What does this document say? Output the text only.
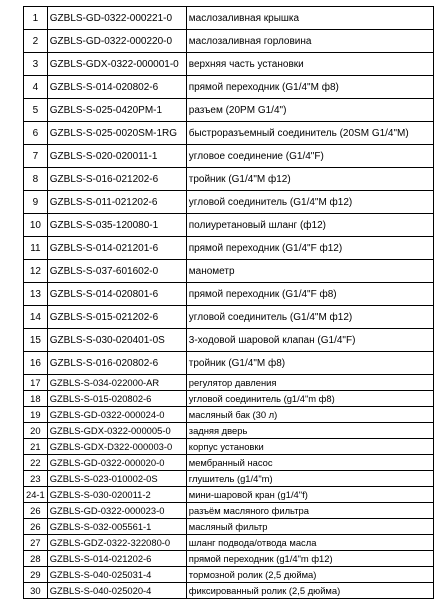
1	GZBLS-GD-0322-000221-0	маслозаливная крышка
2	GZBLS-GD-0322-000220-0	маслозаливная горловина
3	GZBLS-GDX-0322-000001-0	верхняя часть установки
4	GZBLS-S-014-020802-6	прямой переходник (G1/4"M ф8)
5	GZBLS-S-025-0420PM-1	разъем (20PM G1/4")
6	GZBLS-S-025-0020SM-1RG	быстроразъемный соединитель (20SM G1/4"M)
7	GZBLS-S-020-020011-1	угловое соединение (G1/4"F)
8	GZBLS-S-016-021202-6	тройник (G1/4"M ф12)
9	GZBLS-S-011-021202-6	угловой соединитель (G1/4"M ф12)
10	GZBLS-S-035-120080-1	полиуретановый шланг (ф12)
11	GZBLS-S-014-021201-6	прямой переходник (G1/4"F ф12)
12	GZBLS-S-037-601602-0	манометр
13	GZBLS-S-014-020801-6	прямой переходник (G1/4"F ф8)
14	GZBLS-S-015-021202-6	угловой соединитель (G1/4"M ф12)
15	GZBLS-S-030-020401-0S	3-ходовой шаровой клапан (G1/4"F)
16	GZBLS-S-016-020802-6	тройник (G1/4"M ф8)
17	GZBLS-S-034-022000-AR	регулятор давления
18	GZBLS-S-015-020802-6	угловой соединитель (g1/4"m ф8)
19	GZBLS-GD-0322-000024-0	масляный бак (30 л)
20	GZBLS-GDX-0322-000005-0	задняя дверь
21	GZBLS-GDX-D322-000003-0	корпус установки
22	GZBLS-GD-0322-000020-0	мембранный насос
23	GZBLS-S-023-010002-0S	глушитель (g1/4"m)
24-1	GZBLS-S-030-020011-2	мини-шаровой кран (g1/4"f)
26	GZBLS-GD-0322-000023-0	разъём масляного фильтра
26	GZBLS-S-032-005561-1	масляный фильтр
27	GZBLS-GDZ-0322-322080-0	шланг подвода/отвода масла
28	GZBLS-S-014-021202-6	прямой переходник (g1/4"m ф12)
29	GZBLS-S-040-025031-4	тормозной ролик (2,5 дюйма)
30	GZBLS-S-040-025020-4	фиксированный ролик (2,5 дюйма)
